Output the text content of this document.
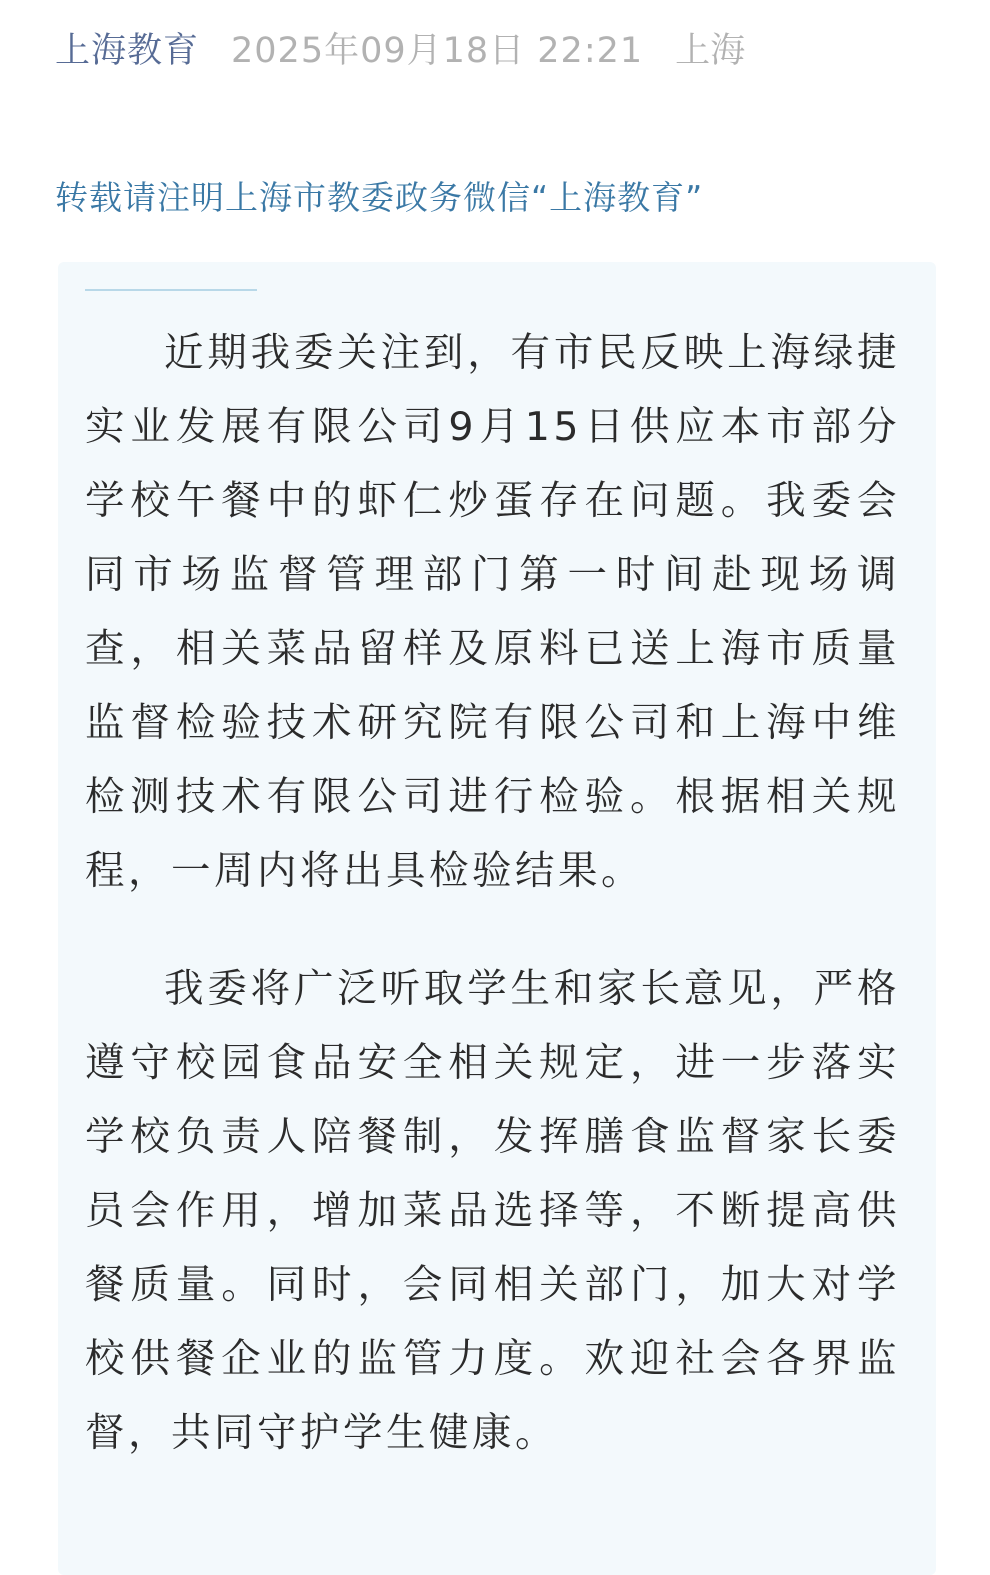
上海教育 2025年09月18日 22:21 上海
转载请注明上海市教委政务微信“上海教育”

近期我委关注到，有市民反映上海绿捷实业发展有限公司9月15日供应本市部分学校午餐中的虾仁炒蛋存在问题。我委会同市场监督管理部门第一时间赴现场调查，相关菜品留样及原料已送上海市质量监督检验技术研究院有限公司和上海中维检测技术有限公司进行检验。根据相关规程，一周内将出具检验结果。

我委将广泛听取学生和家长意见，严格遵守校园食品安全相关规定，进一步落实学校负责人陪餐制，发挥膳食监督家长委员会作用，增加菜品选择等，不断提高供餐质量。同时，会同相关部门，加大对学校供餐企业的监管力度。欢迎社会各界监督，共同守护学生健康。
